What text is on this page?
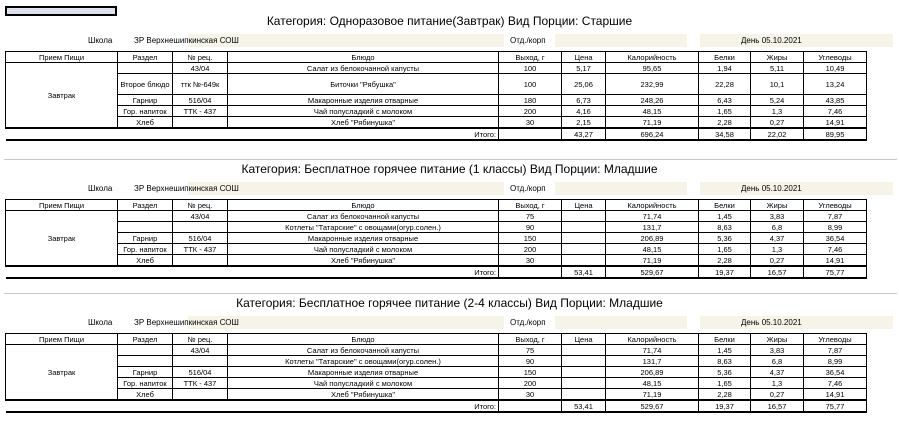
Категория: Одноразовое питание(Завтрак) Вид Порции: Старшие
Школа	ЗР Верхнешипкинская СОШ	Отд./корп	День 05.10.2021
Прием Пищи	Раздел	№ рец.	Блюдо	Выход, г	Цена	Калорийность	Белки	Жиры	Углеводы
Завтрак		43/04	Салат из белокочанной капусты	100	5,17	95,65	1,94	5,11	10,49
	Второе блюдо	ттк №-649к	Биточки "Рябушка"	100	25,06	232,99	22,28	10,1	13,24
	Гарнир	516/04	Макаронные изделия отварные	180	6,73	248,26	6,43	5,24	43,85
	Гор. напиток	ТТК - 437	Чай полусладкий с молоком	200	4,16	48,15	1,65	1,3	7,46
	Хлеб		Хлеб "Рябинушка"	30	2,15	71,19	2,28	0,27	14,91
			Итого:		43,27	696,24	34,58	22,02	89,95
Категория: Бесплатное горячее питание (1 классы) Вид Порции: Младшие
Школа	ЗР Верхнешипкинская СОШ	Отд./корп	День 05.10.2021
Прием Пищи	Раздел	№ рец.	Блюдо	Выход, г	Цена	Калорийность	Белки	Жиры	Углеводы
Завтрак		43/04	Салат из белокочанной капусты	75		71,74	1,45	3,83	7,87
			Котлеты "Татарские" с овощами(огур.солен.)	90		131,7	8,63	6,8	8,99
	Гарнир	516/04	Макаронные изделия отварные	150		206,89	5,36	4,37	36,54
	Гор. напиток	ТТК - 437	Чай полусладкий с молоком	200		48,15	1,65	1,3	7,46
	Хлеб		Хлеб "Рябинушка"	30		71,19	2,28	0,27	14,91
			Итого:		53,41	529,67	19,37	16,57	75,77
Категория: Бесплатное горячее питание (2-4 классы) Вид Порции: Младшие
Школа	ЗР Верхнешипкинская СОШ	Отд./корп	День 05.10.2021
Прием Пищи	Раздел	№ рец.	Блюдо	Выход, г	Цена	Калорийность	Белки	Жиры	Углеводы
Завтрак		43/04	Салат из белокочанной капусты	75		71,74	1,45	3,83	7,87
			Котлеты "Татарские" с овощами(огур.солен.)	90		131,7	8,63	6,8	8,99
	Гарнир	516/04	Макаронные изделия отварные	150		206,89	5,36	4,37	36,54
	Гор. напиток	ТТК - 437	Чай полусладкий с молоком	200		48,15	1,65	1,3	7,46
	Хлеб		Хлеб "Рябинушка"	30		71,19	2,28	0,27	14,91
			Итого:		53,41	529,67	19,37	16,57	75,77
